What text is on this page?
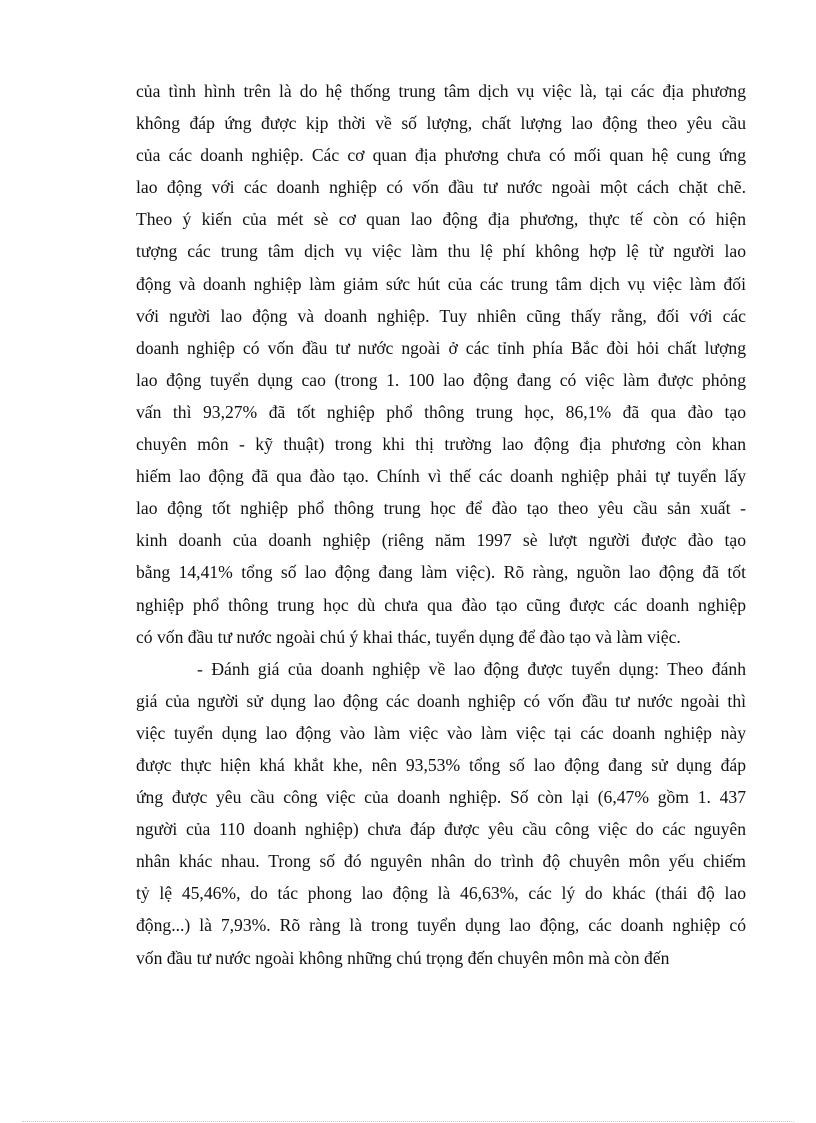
của tình hình trên là do hệ thống trung tâm dịch vụ việc là, tại các địa phương
không đáp ứng được kịp thời về số lượng, chất lượng lao động theo yêu cầu
của các doanh nghiệp. Các cơ quan địa phương chưa có mối quan hệ cung ứng
lao động với các doanh nghiệp có vốn đầu tư nước ngoài một cách chặt chẽ.
Theo ý kiến của mét sè cơ quan lao động địa phương, thực tế còn có hiện
tượng các trung tâm dịch vụ việc làm thu lệ phí không hợp lệ từ người lao
động và doanh nghiệp làm giảm sức hút của các trung tâm dịch vụ việc làm đối
với người lao động và doanh nghiệp. Tuy nhiên cũng thấy rằng, đối với các
doanh nghiệp có vốn đầu tư nước ngoài ở các tỉnh phía Bắc đòi hỏi chất lượng
lao động tuyển dụng cao (trong 1. 100 lao động đang có việc làm được phỏng
vấn thì 93,27% đã tốt nghiệp phổ thông trung học, 86,1% đã qua đào tạo
chuyên môn - kỹ thuật) trong khi thị trường lao động địa phương còn khan
hiếm lao động đã qua đào tạo. Chính vì thế các doanh nghiệp phải tự tuyển lấy
lao động tốt nghiệp phổ thông trung học để đào tạo theo yêu cầu sản xuất -
kinh doanh của doanh nghiệp (riêng năm 1997 sè lượt người được đào tạo
bằng 14,41% tổng số lao động đang làm việc). Rõ ràng, nguồn lao động đã tốt
nghiệp phổ thông trung học dù chưa qua đào tạo cũng được các doanh nghiệp
có vốn đầu tư nước ngoài chú ý khai thác, tuyển dụng để đào tạo và làm việc.
- Đánh giá của doanh nghiệp về lao động được tuyển dụng: Theo đánh
giá của người sử dụng lao động các doanh nghiệp có vốn đầu tư nước ngoài thì
việc tuyển dụng lao động vào làm việc vào làm việc tại các doanh nghiệp này
được thực hiện khá khắt khe, nên 93,53% tổng số lao động đang sử dụng đáp
ứng được yêu cầu công việc của doanh nghiệp. Số còn lại (6,47% gồm 1. 437
người của 110 doanh nghiệp) chưa đáp được yêu cầu công việc do các nguyên
nhân khác nhau. Trong số đó nguyên nhân do trình độ chuyên môn yếu chiếm
tỷ lệ 45,46%, do tác phong lao động là 46,63%, các lý do khác (thái độ lao
động...) là 7,93%. Rõ ràng là trong tuyển dụng lao động, các doanh nghiệp có
vốn đầu tư nước ngoài không những chú trọng đến chuyên môn mà còn đến
